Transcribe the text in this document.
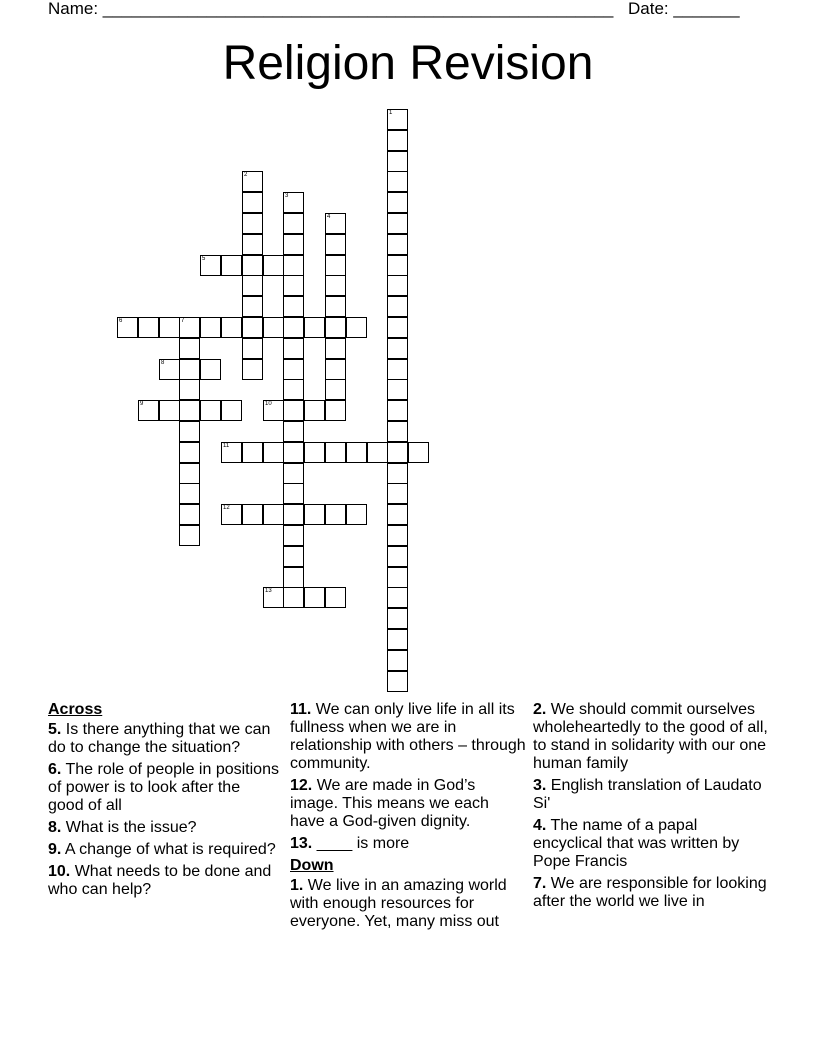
Name: ______________________________________________________ Date: _______
Religion Revision
1
2
3
4
5
6	7
8
9	10
11
12
13
Across
5. Is there anything that we can do to change the situation?
6. The role of people in positions of power is to look after the good of all
8. What is the issue?
9. A change of what is required?
10. What needs to be done and who can help?
11. We can only live life in all its fullness when we are in relationship with others – through community.
12. We are made in God’s image. This means we each have a God-given dignity.
13. ____ is more
Down
1. We live in an amazing world with enough resources for everyone. Yet, many miss out
2. We should commit ourselves wholeheartedly to the good of all, to stand in solidarity with our one human family
3. English translation of Laudato Si'
4. The name of a papal encyclical that was written by Pope Francis
7. We are responsible for looking after the world we live in
